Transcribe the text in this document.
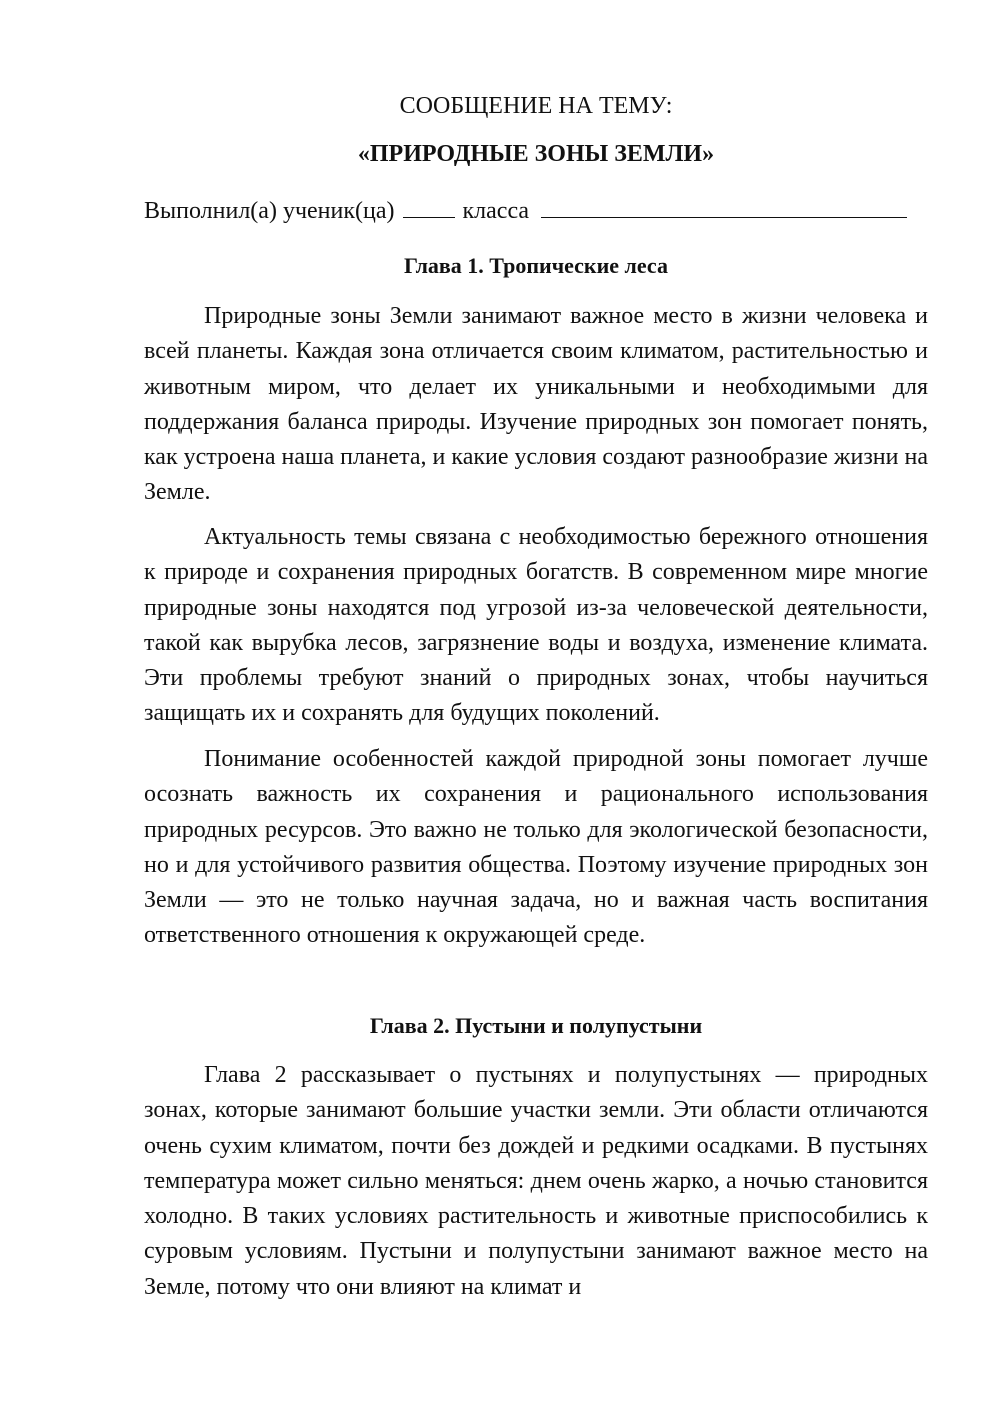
СООБЩЕНИЕ НА ТЕМУ:
«ПРИРОДНЫЕ ЗОНЫ ЗЕМЛИ»
Выполнил(а) ученик(ца)	класса
Глава 1. Тропические леса

Природные зоны Земли занимают важное место в жизни человека и всей планеты. Каждая зона отличается своим климатом, растительностью и животным миром, что делает их уникальными и необходимыми для поддержания баланса природы. Изучение природных зон помогает понять, как устроена наша планета, и какие условия создают разнообразие жизни на Земле.

Актуальность темы связана с необходимостью бережного отношения к природе и сохранения природных богатств. В современном мире многие природные зоны находятся под угрозой из-за человеческой деятельности, такой как вырубка лесов, загрязнение воды и воздуха, изменение климата. Эти проблемы требуют знаний о природных зонах, чтобы научиться защищать их и сохранять для будущих поколений.

Понимание особенностей каждой природной зоны помогает лучше осознать важность их сохранения и рационального использования природных ресурсов. Это важно не только для экологической безопасности, но и для устойчивого развития общества. Поэтому изучение природных зон Земли — это не только научная задача, но и важная часть воспитания ответственного отношения к окружающей среде.

Глава 2. Пустыни и полупустыни

Глава 2 рассказывает о пустынях и полупустынях — природных зонах, которые занимают большие участки земли. Эти области отличаются очень сухим климатом, почти без дождей и редкими осадками. В пустынях температура может сильно меняться: днем очень жарко, а ночью становится холодно. В таких условиях растительность и животные приспособились к суровым условиям. Пустыни и полупустыни занимают важное место на Земле, потому что они влияют на климат и
